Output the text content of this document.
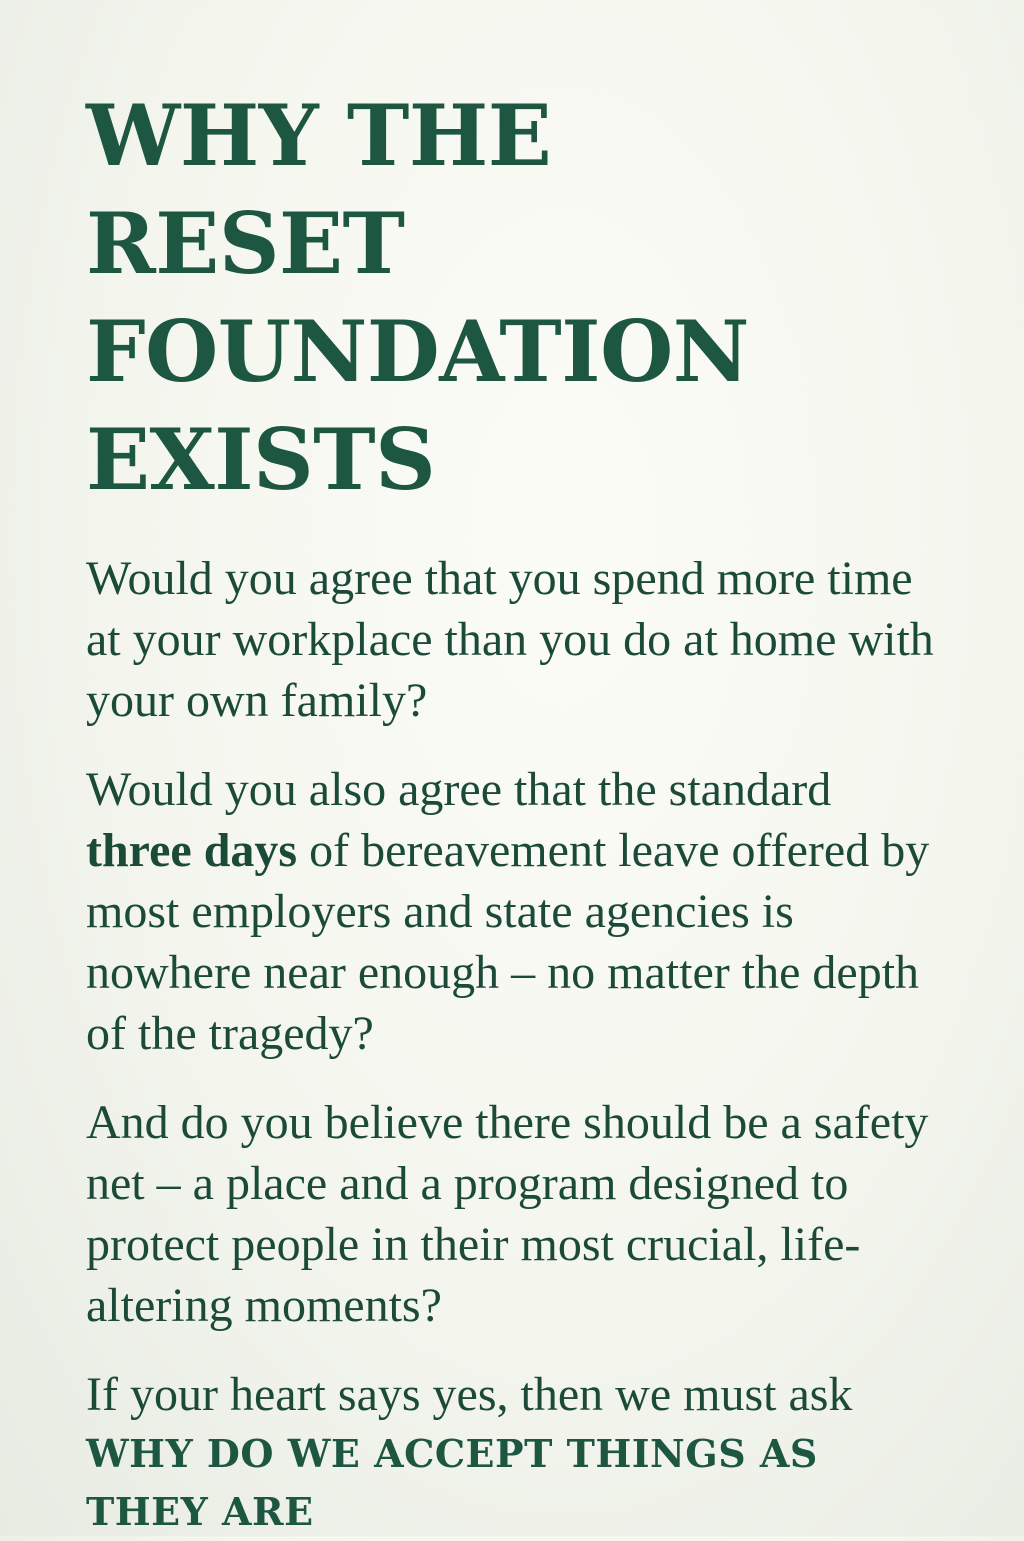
WHY THE
RESET
FOUNDATION
EXISTS

Would you agree that you spend more time at your workplace than you do at home with your own family?

Would you also agree that the standard three days of bereavement leave offered by most employers and state agencies is nowhere near enough – no matter the depth of the tragedy?

And do you believe there should be a safety net – a place and a program designed to protect people in their most crucial, life-altering moments?

If your heart says yes, then we must ask
WHY DO WE ACCEPT THINGS AS THEY ARE
